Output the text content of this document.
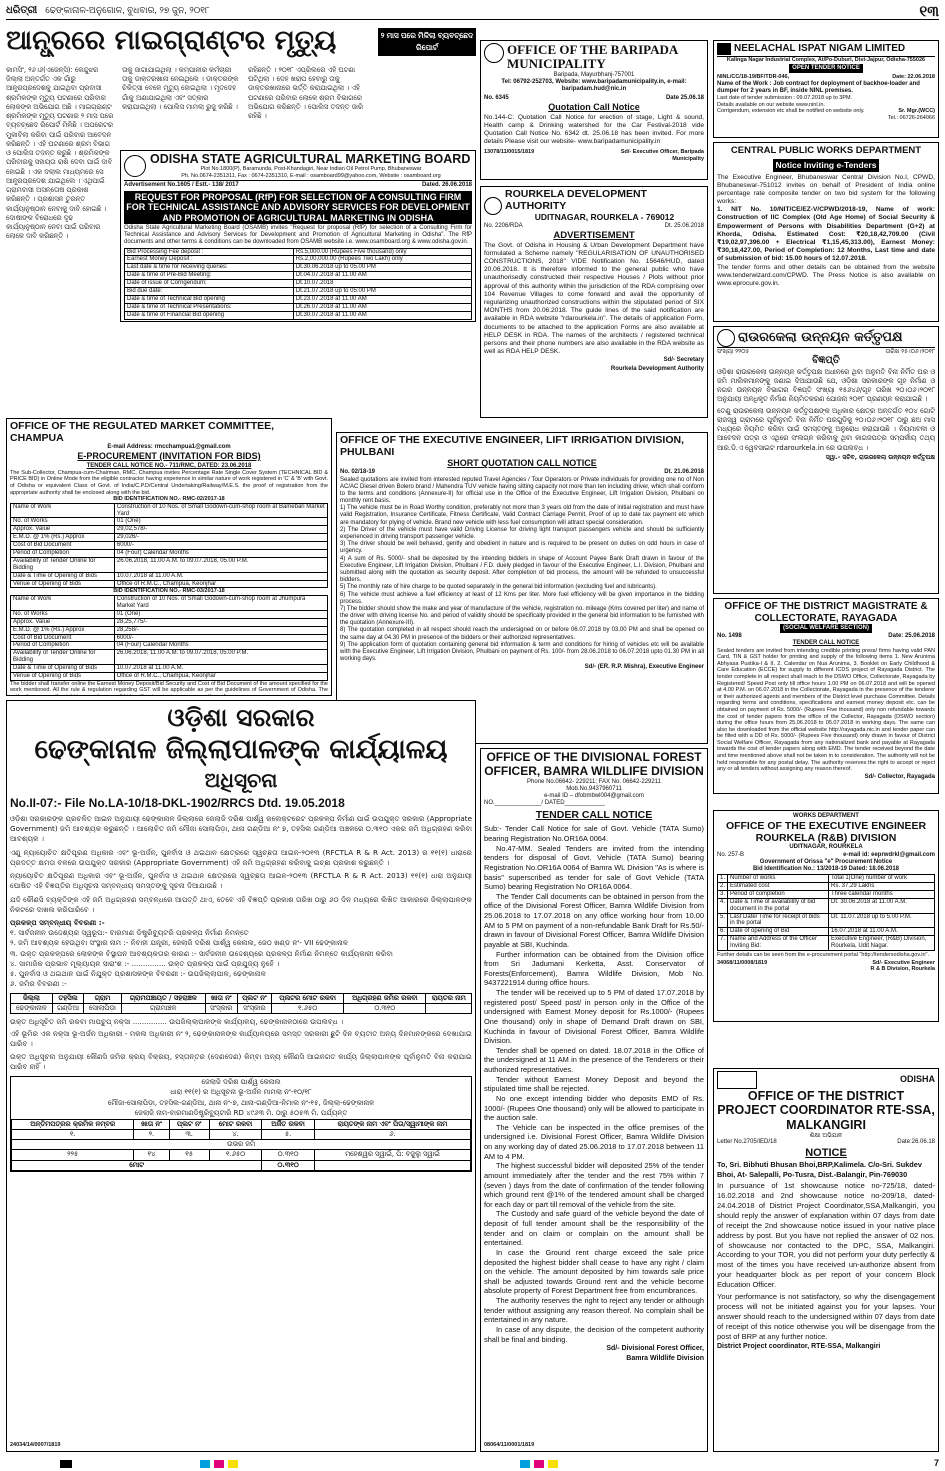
ଧରିତ୍ରୀ ଢେଙ୍କାନାଳ-ଅନୁଗୋଳ, ବୁଧବାର, ୨୭ ଜୁନ, ୨୦୧୮	୧୩
ଆନ୍ଧ୍ରରେ ମାଇଗ୍ରାଣ୍ଟର ମୃତ୍ୟୁ	୨ ମାସ ପରେ ମିଳିଲା ବ୍ୟବଚ୍ଛେଦ ରିପୋର୍ଟ
କାମସିଂ, ୨୬।୬(ଏଜେନ୍ସି): କେନ୍ଦୁଝର ଜିଲ୍ଲା ଅନ୍ତର୍ଗତ ଏକ ଗାଁରୁ ଆନ୍ଧ୍ରପ୍ରଦେଶକୁ ଯାଇଥିବା ପ୍ରବାସୀ ଶ୍ରମିକଙ୍କ ମୃତ୍ୟୁ ଘଟଣାରେ ପରିବାର ଲୋକଙ୍କ ଅଭିଯୋଗ ଅଛି । ମାଇଗ୍ରାଣ୍ଟ ଶ୍ରମିକଙ୍କ ମୃତ୍ୟୁ ଘଟଣାର ୨ ମାସ ପରେ ବ୍ୟବଚ୍ଛେଦ ରିପୋର୍ଟ ମିଳିଛି । ଅପରେଟର ମୁକାବିଲା କରିବା ପାଇଁ ପରିବାର ଆବେଦନ କରିଛନ୍ତି । ଏହି ଘଟଣାରେ ଶ୍ରମ ବିଭାଗ ଓ ପୋଲିସ ତଦନ୍ତ କରୁଛି । ଶ୍ରମିକଙ୍କ ପରିବାରକୁ ସହାୟତା ରାଶି ଦେବା ପାଇଁ ଦାବି ହୋଇଛି । ଏକ ଦଲାଲ ମାଧ୍ୟମରେ ସେ ଆନ୍ଧ୍ରପ୍ରଦେଶ ଯାଇଥିଲେ । ଏଥିପାଇଁ ଗ୍ରାମବାସୀ ଅସନ୍ତୋଷ ପ୍ରକାଶ କରିଛନ୍ତି । ପ୍ରଶାସନ ତୁରନ୍ତ କାର୍ଯ୍ୟାନୁଷ୍ଠାନ ନେବାକୁ ଦାବି ହୋଇଛି । ଦୋଷୀଙ୍କ ବିରୋଧରେ ଦୃଢ କାର୍ଯ୍ୟାନୁଷ୍ଠାନ ନେବା ପାଇଁ ପରିବାର ଲୋକେ ଦାବି କରିଛନ୍ତି ।
ତାକୁ ଜାଗାଯାଇଥିଲା । କମ୍ପାନୀର କର୍ମଚାରୀ ତାକୁ ଡାକ୍ତରଖାନା ନେଇଥିଲେ । ଡାକ୍ତରଙ୍କ ଚିକିତ୍ସା ବେଳେ ମୃତ୍ୟୁ ହୋଇଥିଲା । ମୃତଦେହ ଗାଁକୁ ଅଣାଯାଇଥିଲା ଏବଂ ସତ୍କାର କରାଯାଇଥିଲା । ପୋଲିସ ମାମଲା ରୁଜୁ କରିଛି ।
ରହିଛନ୍ତି । ୨୦୧୮ ଏପ୍ରିଲରେ ଏହି ଘଟଣା ଘଟିଥିଲା । ଦେହ ଖରାପ ହେବାରୁ ତାକୁ ଡାକ୍ତରଖାନାରେ ଭର୍ତ୍ତି କରାଯାଇଥିଲା । ଏହି ଘଟଣାରେ ପରିବାର ଲୋକେ ଶ୍ରମ ବିଭାଗରେ ଅଭିଯୋଗ କରିଛନ୍ତି । ପୋଲିସ ତଦନ୍ତ ଜାରି ରହିଛି ।
ODISHA STATE AGRICULTURAL MARKETING BOARD
Plot No.1800(P), Baramunda, Post-Khandagiri, Near Indian Oil Petrol Pump, Bhubaneswar
Ph. No.0674-2351311, Fax : 0674-2351310, E-mail : osamboard99@yahoo.com, Website : osamboard.org
Advertisement No.1605 / Estt.- 138/ 2017	Dated. 26.06.2018
REQUEST FOR PROPOSAL (RfP) FOR SELECTION OF A CONSULTING FIRM FOR TECHNICAL ASSISTANCE AND ADVISORY SERVICES FOR DEVELOPMENT AND PROMOTION OF AGRICULTURAL MARKETING IN ODISHA
Odisha State Agricultural Marketing Board (OSAMB) invites "Request for proposal (RfP) for selection of a Consulting Firm for Technical Assistance and Advisory Services for Development and Promotion of Agricultural Marketing in Odisha". The RfP documents and other terms & conditions can be downloaded from OSAMB website i.e. www.osamboard.org & www.odisha.gov.in.
Bid Processing Fee deposit :	Rs.5,000.00 (Rupees Five thousand) only
Earnest Money Deposit :	Rs.2,00,000.00 (Rupees Two Lakh) only
Last date & time for receiving queries:	Dt.30.06.2018 up to 05.00 PM
Date & time of Pre-Bid Meeting:	Dt.04.07.2018 at 11.00 AM
Date of issue of Corrigendum:	Dt.10.07.2018
Bid due date:	Dt.21.07.2018 up to 05:00 PM
Date & time of Technical Bid opening	Dt.23.07.2018 at 11.00 AM
Date & time of Technical Presentations:	Dt.26.07.2018 at 11.00 AM
Date & time of Financial Bid opening	Dt.30.07.2018 at 11.00 AM
OFFICE OF THE BARIPADA MUNICIPALITY
Baripada, Mayurbhanj-757001
Tel: 06792-252703, Website: www.baripadamunicipality.in, e-mail: baripadam.hud@nic.in
No. 6345	Date 25.06.18
Quotation Call Notice
No.144-C: Quotation Call Notice for erection of stage, Light & sound, Health camp & Drinking watershed for the Car Festival-2018 vide Quotation Call Notice No. 6342 dt. 25.06.18 has been invited. For more details Please visit our website- www.baripadamunicipality.in
13078/11/0015/1819	Sd/- Executive Officer, Baripada Municipality
NEELACHAL ISPAT NIGAM LIMITED
Kalinga Nagar Industrial Complex, At/Po-Duburi, Dist-Jajpur, Odisha-755026
OPEN TENDER NOTICE
NINL/CC/18-19/BF/TDR-046,	Date: 22.06.2018
Name of the Work : Job contract for deployment of backhoe-loader and dumper for 2 years in BF, inside NINL premises.
Last date of tender submission : 09.07.2018 up to 3PM.
Details available on our website www.ninl.in.
Corrigendum, extension etc shall be notified on website only.	Sr. Mgr.(WCC)
Tel.: 06726-264066
CENTRAL PUBLIC WORKS DEPARTMENT
Notice Inviting e-Tenders
The Executive Engineer, Bhubaneswar Central Division No.I, CPWD, Bhubaneswar-751012 invites on behalf of President of India online percentage rate composite tender on two bid system for the following works:
1. NIT No. 10/NIT/CE/EZ-V/CPWD/2018-19, Name of work: Construction of IIC Complex (Old Age Home) of Social Security & Empowerment of Persons with Disabilities Department (G+2) at Khorda, Odisha. Estimated Cost: ₹20,18,42,709.00 (Civil ₹19,02,97,396.00 + Electrical ₹1,15,45,313.00), Earnest Money: ₹30,18,427.00, Period of Completion: 12 Months, Last time and date of submission of bid: 15.00 hours of 12.07.2018.
The tender forms and other details can be obtained from the website www.tenderwizard.com/CPWD. The Press Notice is also available on www.eprocure.gov.in.
ROURKELA DEVELOPMENT AUTHORITY
UDITNAGAR, ROURKELA - 769012
No. 2206/RDA	Dt. 25.06.2018
ADVERTISEMENT
The Govt. of Odisha in Housing & Urban Development Department have formulated a Scheme namely "REGULARISATION OF UNAUTHORISED CONSTRUCTIONS, 2018" VIDE Notification No. 15646/HUD, dated 20.06.2018. It is therefore informed to the general public who have unauthorisedly constructed their respective Houses / Plots without prior approval of this authority within the jurisdiction of the RDA comprising over 104 Revenue Villages to come forward and avail the opportunity of regularizing unauthorized constructions within the stipulated period of SIX MONTHS from 20.06.2018. The guide lines of the said notification are available in RDA website "rdarourkela.in". The details of application Form, documents to be attached to the application Forms are also available at HELP DESK in RDA. The names of the architects / registered technical persons and their phone numbers are also available in the RDA website as well as RDA HELP DESK.
Sd/- Secretary
Rourkela Development Authority
ରାଉରକେଲା ଉନ୍ନୟନ କର୍ତ୍ତୃପକ୍ଷ
ସଂଖ୍ୟା ୨୨୦୫	ତାରିଖ ୨୫।୦୬।୨୦୧୮
ବିଜ୍ଞପ୍ତି
ଓଡ଼ିଶା ରାଉରକେଲା ଉନ୍ନୟନ କର୍ତ୍ତୃପକ୍ଷ ଅଧୀନରେ ଥିବା ଅନୁମତି ବିନା ନିର୍ମିତ ଘର ଓ ଜମି ମାଲିକମାନଙ୍କୁ ଜଣାଇ ଦିଆଯାଉଛି ଯେ, ଓଡ଼ିଶା ସରକାରଙ୍କ ଗୃହ ନିର୍ମାଣ ଓ ନଗର ଉନ୍ନୟନ ବିଭାଗର ବିଜ୍ଞପ୍ତି ସଂଖ୍ୟା ୧୫୬୪୬/ଗୃହ ତାରିଖ ୨୦।୦୬।୨୦୧୮ ଅନୁଯାୟୀ ଅନଧିକୃତ ନିର୍ମାଣ ନିୟମିତକରଣ ଯୋଜନା ୨୦୧୮ ପ୍ରଣୟନ କରାଯାଇଛି ।
ତେଣୁ ରାଉରକେଲା ଉନ୍ନୟନ କର୍ତ୍ତୃପକ୍ଷଙ୍କ ଅଧିକାର କ୍ଷେତ୍ର ଅନ୍ତର୍ଗତ ୧୦୪ ଗୋଟି ରାଜସ୍ୱ ଗ୍ରାମରେ ପୂର୍ବାନୁମତି ବିନା ନିର୍ମିତ ଘରଗୁଡ଼ିକୁ ୨୦।୦୬।୨୦୧୮ ଠାରୁ ଛଅ ମାସ ମଧ୍ୟରେ ନିୟମିତ କରିବା ପାଇଁ ସମସ୍ତଙ୍କୁ ଅନୁରୋଧ କରାଯାଉଛି । ନିୟମାବଳୀ ଓ ଆବେଦନ ପତ୍ର ଓ ଏଥିରେ ସଂଲଗ୍ନ କରିବାକୁ ଥିବା କାଗଜପତ୍ର ସମ୍ପର୍କୀୟ ତଥ୍ୟ ଆର.ଡି.ଏ ୱେବସାଇଟ rdarourkela.in ରେ ଉପଲବ୍ଧ ।
ସ୍ୱା.- ସଚିବ, ରାଉରକେଲା ଉନ୍ନୟନ କର୍ତ୍ତୃପକ୍ଷ
OFFICE OF THE REGULATED MARKET COMMITTEE, CHAMPUA
E-mail Address: rmcchampua1@gmail.com
E-PROCUREMENT (INVITATION FOR BIDS)
TENDER CALL NOTICE NO.- 711/RMC, DATED: 23.06.2018
The Sub-Collector, Champua-cum-Chairman, RMC, Champua invites Percentage Rate Single Cover System (TECHNICAL BID & PRICE BID) in Online Mode from the eligible contractor having experience in similar nature of work registered in 'C' & 'B' with Govt. of Odisha or equivalent Class of Govt. of India/C.P.D/Central Undertaking/Railway/M.E.S. the proof of registration from the appropriate authority shall be enclosed along with the bid.
BID IDENTIFICATION NO.- RMC-02/2017-18
Name of Work	Construction of 10 Nos. of Small Godown-cum-shop room at Bamebari Market Yard
No. of Works	01 (One)
Approx. Value	29,02,578/-
E.M.D. @ 1% (Rs.) Approx	29,026/-
Cost of Bid Document	6000/-
Period of Completion	04 (Four) Calendar Months
Availability of Tender Online for Bidding	26.06.2018, 11.00 A.M. to 09.07.2018, 05.00 P.M.
Date & Time of Opening of Bids	10.07.2018 at 11.00 A.M.
Venue of Opening of Bids	Office of R.M.C., Champua, Keonjhar
BID IDENTIFICATION NO.- RMC-03/2017-18
Name of Work	Construction of 10 Nos. of Small Godown-cum-shop room at Jhumpura Market Yard
No. of Works	01 (One)
Approx. Value	28,25,775/-
E.M.D. @ 1% (Rs.) Approx	28,258/-
Cost of Bid Document	6000/-
Period of Completion	04 (Four) Calendar Months
Availability of Tender Online for Bidding	26.06.2018, 11.00 A.M. to 09.07.2018, 05.00 P.M.
Date & Time of Opening of Bids	10.07.2018 at 11.00 A.M.
Venue of Opening of Bids	Office of R.M.C., Champua, Keonjhar
The bidder shall transfer online the Earnest Money Deposit/Bid Security and Cost of Bid Document of the amount specified for the work mentioned. All the rule & regulation regarding GST will be applicable as per the guidelines of Government of Odisha. The
OFFICE OF THE EXECUTIVE ENGINEER, LIFT IRRIGATION DIVISION, PHULBANI
SHORT QUOTATION CALL NOTICE
No. 02/18-19	Dt. 21.06.2018
Sealed quotations are invited from interested reputed Travel Agencies / Tour Operators or Private individuals for providing one no of Non AC/AC Diesel driven Bolero brand / Mahendra TUV vehicle having sitting capacity not more than ten including driver, which shall conform to the terms and conditions (Annexure-II) for official use in the Office of the Executive Engineer, Lift Irrigation Division, Phulbani on monthly rent basis.
1) The vehicle must be in Road Worthy condition, preferably not more than 3 years old from the date of initial registration and must have valid Registration, Insurance Certificate, Fitness Certificate, Valid Contract Carriage Permit, Proof of up to date tax payment etc which are mandatory for plying of vehicle. Brand new vehicle with less fuel consumption will attract special consideration.
2) The Driver of the vehicle must have valid Driving License for driving light transport passengers vehicle and should be sufficiently experienced in driving transport passenger vehicle.
3) The driver should be well behaved, gently and obedient in nature and is required to be present on duties on odd hours in case of urgency.
4) A sum of Rs. 5000/- shall be deposited by the intending bidders in shape of Account Payee Bank Draft drawn in favour of the Executive Engineer, Lift Irrigation Division, Phulbani / F.D. duely pledged in favour of the Executive Engineer, L.I. Division, Phulbani and submitted along with the quotation as security deposit. After completion of bid process, the amount will be refunded to unsuccessful bidders.
5) The monthly rate of hire charge to be quoted separately in the general bid information (excluding fuel and lubricants).
6) The vehicle must achieve a fuel efficiency at least of 12 Kms per liter. More fuel efficiency will be given importance in the bidding process.
7) The bidder should show the make and year of manufacture of the vehicle, registration no. mileage (Kms covered per liter) and name of the driver with driving license No. and period of validity should be specifically provided in the general bid information to be furnished with the quotation (Annexure-III).
8) The quotation completed in all respect should reach the undersigned on or before 06.07.2018 by 03.00 PM and shall be opened on the same day at 04.30 PM in presence of the bidders or their authorized representatives.
9) The application form of quotation containing general bid information & term and conditions for hiring of vehicles etc will be available with the Executive Engineer, Lift Irrigation Division, Phulbani on payment of Rs. 100/- from 28.06.2018 to 06.07.2018 upto 01.30 PM in all working days.
Sd/- (ER. R.P. Mishra), Executive Engineer
OFFICE OF THE DISTRICT MAGISTRATE & COLLECTORATE, RAYAGADA
(SOCIAL WELFARE SECTION)
No. 1498	Date: 25.06.2018
TENDER CALL NOTICE
Sealed tenders are invited from intending credible printing press/ firms having valid PAN Card, TIN & GST holder for printing and supply of the following items 1. New Arunima Abhyasa Pustika-I & II, 2. Calendar on Nua Arunima, 3. Booklet on Early Childhood & Care Education (ECCE) for supply to different ICDS project of Rayagada District. The tender complete in all respect shall reach to the DSWO Office, Collectorate, Rayagada by Registered/ Speed Post only till office hours 1.00 PM on 06.07.2018 and will be opened at 4.00 P.M. on 06.07.2018 in the Collectorate, Rayagada in the presence of the tenderer or their authorized agents and members of the District level purchase Committee. Details regarding terms and conditions, specifications and earnest money deposit etc. can be obtained on payment of Rs. 5000/- (Rupees Five thousand) only non refundable towards the cost of tender papers from the office of the Collector, Rayagada (DSWO section) during the office hours from 25.06.2018 to 05.07.2018 in working days. The same can also be downloaded from the official website http://rayagada.nic.in and tender paper can be filled with a DD of Rs. 5000/- (Rupees Five thousand) only drawn in favour of District Social Welfare Officer, Rayagada from any nationalized bank and payable at Rayagada towards the cost of tender papers along with EMD. The tender received beyond the date and time mentioned above shall not be taken in to consideration. The authority will not be held responsible for any postal delay. The authority reserves the right to accept or reject any or all tenders without assigning any reason thereof.
Sd/- Collector, Rayagada
ଓଡ଼ିଶା ସରକାର
ଢେଙ୍କାନାଳ ଜିଲ୍ଲାପାଳଙ୍କ କାର୍ଯ୍ୟାଳୟ
ଅଧିସୂଚନା
No.II-07:- File No.LA-10/18-DKL-1902/RRCS Dtd. 19.05.2018
ଓଡ଼ିଶା ସରକାରଙ୍କ ପ୍ରଚଳିତ ଆଇନ ଅନୁଯାୟୀ ଢେଙ୍କାନାଳ ଜିଲ୍ଲାରେ ଜେଲାଜି ଦରିଶ ପାର୍ଶ୍ୱ କଲେକ୍ଟରେଟ ପ୍ରକଳ୍ପ ନିର୍ମାଣ ପାଇଁ ଉପଯୁକ୍ତ ସରକାର (Appropriate Government) ଜମି ଆବଶ୍ୟକ କରୁଛନ୍ତି । ଆଲୋଚିତ ଜମି ମୌଜା ସୋଲାପିଡ଼ା, ଥାନା ଗଣ୍ଡିଆ ନଂ ୭, ତହସିଲ ଗଣ୍ଡିଆ ଅଞ୍ଚଳରେ ୦.୩୧୦ ଏକର ଜମି ଅଧିଗ୍ରହଣ କରିବା ଆବଶ୍ୟକ ।
ଏଣୁ ନ୍ୟାୟୋଚିତ କ୍ଷତିପୂରଣ ଅଧିକାର ଏବଂ ଭୂ-ଅର୍ଜନ, ପୁନର୍ବାସ ଓ ଥଇଥାନ କ୍ଷେତ୍ରରେ ସ୍ୱଚ୍ଛତା ଆଇନ-୨୦୧୩ (RFCTLA R & R Act. 2013) ର ୧୧(୧) ଧାରାରେ ପ୍ରଦତ୍ତ କ୍ଷମତା ବଳରେ ଉପଯୁକ୍ତ ସରକାର (Appropriate Government) ଏହି ଜମି ଅଧିଗ୍ରହଣ କରିବାକୁ ଇଚ୍ଛା ପ୍ରକାଶ କରୁଛନ୍ତି ।
ନ୍ୟାୟୋଚିତ କ୍ଷତିପୂରଣ ଅଧିକାର ଏବଂ ଭୂ-ଅର୍ଜନ, ପୁନର୍ବାସ ଓ ଥଇଥାନ କ୍ଷେତ୍ରରେ ସ୍ୱଚ୍ଛତା ଆଇନ-୨୦୧୩ (RFCTLA R & R Act. 2013) ୧୧(୧) ଧାରା ଅନୁଯାୟୀ ଘୋଷିତ ଏହି ବିଜ୍ଞପ୍ତିର ଅଧିସୂଚନା ସମ୍ବନ୍ଧୀୟ ସମସ୍ତଙ୍କୁ ସୂଚନା ଦିଆଯାଉଛି ।
ଯଦି କୌଣସି ବ୍ୟକ୍ତିଙ୍କ ଏହି ଜମି ଅଧିଗ୍ରହଣ ସମ୍ବନ୍ଧରେ ଆପତ୍ତି ଥାଏ, ତେବେ ଏହି ବିଜ୍ଞପ୍ତି ପ୍ରକାଶ ତାରିଖ ଠାରୁ ୬୦ ଦିନ ମଧ୍ୟରେ ଲିଖିତ ଆକାରରେ ଜିଲ୍ଲାପାଳଙ୍କ ନିକଟରେ ଦାଖଲ କରିପାରିବେ ।
ପ୍ରକଳ୍ପ ସମ୍ବନ୍ଧୀୟ ବିବରଣୀ :-
୧. ସାର୍ବଜନୀନ ଉଦ୍ଦେଶ୍ୟର ସ୍ୱରୂପ:- ବାରମାଣ ଡିଷ୍ଟ୍ରିବ୍ୟୁଟରି ପ୍ରକଳ୍ପ ନିର୍ମାଣ ନିମନ୍ତେ
୨. ଜମି ଆବଶ୍ୟକ ହେଉଥିବା ସଂସ୍ଥାର ନାମ :- ନିବାହୀ ଯନ୍ତ୍ରୀ, ଜେଲାଜି ଦରିଶ ପାର୍ଶ୍ୱ କେନାଲ, ଜେଠ ଖଣ୍ଡ ନଂ- VII ଢେଙ୍କାନାଳ
୩. ଉକ୍ତ ପ୍ରକଳ୍ପରେ ଲୋକଙ୍କ ବିସ୍ଥାପନ ଆବଶ୍ୟକତାର କାରଣ :- ସାର୍ବଜନୀନ ଉଦ୍ଦେଶ୍ୟରେ ପ୍ରକଳ୍ପ ନିର୍ମାଣ ନିମନ୍ତେ କାର୍ଯ୍ୟକାରୀ କରିବା
୪. ସାମାଜିକ ପ୍ରଭାବ ମୂଲ୍ୟାୟନ ସାରାଂଶ :- ............... ଉକ୍ତ ପ୍ରକଳ୍ପ ପାଇଁ ପ୍ରଯୁଜ୍ୟ ନୁହେଁ ।
୫. ପୁନର୍ବାସ ଓ ଥଇଥାନ ପାଇଁ ନିଯୁକ୍ତ ପ୍ରଶାସକଙ୍କ ବିବରଣୀ :- ଉପଜିଲ୍ଲାପାଳ, ଢେଙ୍କାନାଳ
୬. ଜମିର ବିବରଣୀ :-
ଜିଲ୍ଲା	ତହସିଲ	ଗ୍ରାମ	ଗ୍ରାମପଞ୍ଚାୟତ / ସହରାଞ୍ଚଳ	ଖାତା ନଂ	ପ୍ଲଟ ନଂ	ପ୍ଲଟର ମୋଟ ରକବା	ଅଧିଗ୍ରହଣ ଜମିର ରକବା	ରାୟତର ନାମ
ଢେଙ୍କାନାଳ	ଗଣ୍ଡିଆ	ସୋଲାପିଡ଼ା	ଗ୍ରାମାଞ୍ଚଳ	ସଂସ୍କାର	ସଂସ୍କାର	୧.୬୫୦	୦.୩୧୦	
ଉକ୍ତ ଅଧିସୂଚିତ ଜମି ରକବା ମାପଚୁପ୍ ନକ୍ସା ............... ଉପଜିଲ୍ଲାପାଳଙ୍କ କାର୍ଯ୍ୟାଳୟ, ଢେଙ୍କାନାଳଠାରେ ଉପଲବ୍ଧ ।
ଏହି ଭୂମିର ଏକ ନକ୍ସା ଭୂ-ଅର୍ଜନ ଅଧିକାରୀ - ମକଲ ଅଧିକାରୀ ନଂ ୨, ଢେଙ୍କାନାଳଙ୍କ କାର୍ଯ୍ୟାଳୟରେ ସମସ୍ତ ସରକାରୀ ଛୁଟି ଦିନ ବ୍ୟତୀତ ଅନ୍ୟ ଦିନମାନଙ୍କରେ ଦେଖାଯାଇ ପାରିବ ।
ଉକ୍ତ ଅଧିସୂଚନା ଅନୁଯାୟୀ କୌଣସି ଜମିର କ୍ରୟ ବିକ୍ରୟ, ହସ୍ତାନ୍ତର (ଦେଣଦେଣ) କିମ୍ବା ଅନ୍ୟ କୌଣସି ଆଇନଗତ କାର୍ଯ୍ୟ ଜିଲ୍ଲାପାଳଙ୍କ ପୂର୍ବାନୁମତି ବିନା କରାଯାଇ ପାରିବ ନାହିଁ ।
ଜେଲାଜି ଦରିଶ ପାର୍ଶ୍ୱ କେନାଲ
ଧାରା ୧୧(୧) ର ଅଧିସୂଚନା ଭୂ-ଅର୍ଜନ ମାମଲା ନଂ-୧୦/୧୮
ମୌଜା-ସୋଲାପିଡ଼ା, ତହସିଲ-ଗଣ୍ଡିଆ, ଥାନା ନଂ-୭, ଥାନା-ଗଣ୍ଡିଆ-ନିମାଲ ନଂ-୧୫, ଜିଲ୍ଲା-ଢେଙ୍କାନାଳ
ଜେଲାଜି ନାମ-ବାରମାଣଡିଷ୍ଟ୍ରିବ୍ୟୁଟାରି RD ୪୯୬୩ ମି. ଠାରୁ ୫୦୫୩ ମି. ପର୍ଯ୍ୟନ୍ତ
ଅନ୍ତିମପତ୍ରର କ୍ରମିକ ନମ୍ବର	ଖାତା ନଂ	ପ୍ଲଟ ନଂ	ମୋଟ ରକବା	ଅର୍ଜିତ ରକବା	ରାୟତଙ୍କ ନାମ ଏବଂ ପିତା/ସ୍ୱାମୀଙ୍କ ନାମ
୧.	୨.	୩.	୪.	୫.	୬.
ଉଭର ଜମି					
୨୨୫	୧୪	୧୫	୧.୬୫୦	୦.୩୧୦	ମହେଶ୍ୱର ସ୍ୱାଇଁ, ପି: ବଜୁଲୁ ସ୍ୱାଇଁ
ମୋଟ				୦.୩୧୦	
24034/14/0007/1819
OFFICE OF THE DIVISIONAL FOREST OFFICER, BAMRA WILDLIFE DIVISION
Phone No.06642- 229211; FAX No. 06642-229211
Mob.No.9437960711
e-mail ID – dfobmbwl004@gmail.com
NO.______________/ DATED____________
TENDER CALL NOTICE
Sub:- Tender Call Notice for sale of Govt. Vehicle (TATA Sumo) bearing Registration No.OR16A 0064.
No.47-MM. Sealed Tenders are invited from the intending tenders for disposal of Govt. Vehicle (TATA Sumo) bearing Registration No.OR16A 0064 of Bamra WL Division "As is where is basis" superscribed as tender for sale of Govt Vehicle (TATA Sumo) bearing Registration No OR16A 0064.
The Tender Call documents can be obtained in person from the office of the Divisional Forest Officer, Bamra Wildlife Division from 25.06.2018 to 17.07.2018 on any office working hour from 10.00 AM to 5 PM on payment of a non-refundable Bank Draft for Rs.50/- drawn in favour of Divisional Forest Officer, Bamra Wildlife Division payable at SBI, Kuchinda.
Further information can be obtained from the Division office from Sri Jadumani Kerketta, Asst. Conservator of Forests(Enforcement), Bamra Wildlife Division, Mob No. 9437221914 during office hours.
The tender will be received up to 5 PM of dated 17.07.2018 by registered post/ Speed post/ in person only in the Office of the undersigned with Earnest Money deposit for Rs.1000/- (Rupees One thousand) only in shape of Demand Draft drawn on SBI, Kuchinda in favour of Divisional Forest Officer, Bamra Wildlife Division.
Tender shall be opened on dated. 18.07.2018 in the Office of the undersigned at 11 AM in the presence of the Tenderers or their authorized representatives.
Tender without Earnest Money Deposit and beyond the stipulated time shall be rejected.
No one except intending bidder who deposits EMD of Rs. 1000/- (Rupees One thousand) only will be allowed to participate in the auction sale.
The Vehicle can be inspected in the office premises of the undersigned i.e. Divisional Forest Officer, Bamra Wildlife Division on any working day of dated 25.06.2018 to 17.07.2018 between 11 AM to 4 PM.
The highest successful bidder will deposited 25% of the tender amount immediately after the tender and the rest 75% within 7 (seven ) days from the date of confirmation of the tender following which ground rent @1% of the tendered amount shall be charged for each day or part till removal of the vehicle from the site.
The Custody and safe guard of the vehicle beyond the date of deposit of full tender amount shall be the responsibility of the tender and on claim or complain on the amount shall be entertained.
In case the Ground rent charge exceed the sale price deposited the highest bidder shall cease to have any right / claim on the vehicle. The amount deposited by him towards sale price shall be adjusted towards Ground rent and the vehicle become absolute property of Forest Department free from encumbrances.
The authority reserves the right to reject any tender or although tender without assigning any reason thereof. No complain shall be entertained in any nature.
In case of any dispute, the decision of the competent authority shall be final and binding.
Sd/- Divisional Forest Officer,
Bamra Wildlife Division
08064/11/0001/1819
WORKS DEPARTMENT
OFFICE OF THE EXECUTIVE ENGINEER ROURKELA (R&B) DIVISION
UDITNAGAR, ROURKELA
No. 257-B	e-mail id: eeprwdrkl@gmail.com
Government of Orissa "e" Procurement Notice
Bid Identification No.: 13/2018-19 Dated: 18.06.2018
1.	Number of works	Total 1(One) number of work
2.	Estimated cost	Rs. 37.29 Lakhs
3.	Period of completion	Three calendar months
4.	Date & Time of availability of bid document in the portal	Dt. 30.06.2018 at 11.00 A.M.
5.	Last Date/ Time for receipt of bids in the portal	Dt. 11.07.2018 up to 5.00 P.M.
6.	Date of opening of Bid	16.07.2018 at 11.00 A.M.
7.	Name and Address of the Officer Inviting Bid:	Executive Engineer, (R&B) Division, Rourkela, Udit Nagar.
Further details can be seen from the e-procurement portal "http://tendersodisha.gov.in".
34068/11/0008/1819	Sd/- Executive Engineer
R & B Division, Rourkela
ODISHA
OFFICE OF THE DISTRICT PROJECT COORDINATOR RTE-SSA, MALKANGIRI
ଶିକ୍ଷା ଅଭିଯାନ
Letter No.2705/IED/18	Date:26.06.18
NOTICE
To, Sri. Bibhuti Bhusan Bhoi,BRP,Kalimela. C/o-Sri. Sukdev Bhoi, At- Salepalli, Po-Tusra, Dist.-Balangir, Pin-769030
In pursuance of 1st showcause notice no-725/18, dated- 16.02.2018 and 2nd showcause notice no-209/18, dated- 24.04.2018 of District Project Coordinator,SSA,Malkangiri, you should reply the answer of explanation within 07 days from date of receipt the 2nd showcause notice issued in your native place address by post. But you have not replied the answer of 02 nos. of showcause nor contacted to the DPC, SSA, Malkangiri. According to your TOR, you did not perform your duty perfectly & most of the times you have received un-authorize absent from your headquarter block as per report of your concern Block Education Officer.
Your performance is not satisfactory, so why the disengagement process will not be initiated against you for your lapses. Your answer should reach to the undersigned within 07 days from date of receipt of this notice otherwise you will be disengage from the post of BRP at any further notice.
District Project coordinator, RTE-SSA, Malkangiri
7
